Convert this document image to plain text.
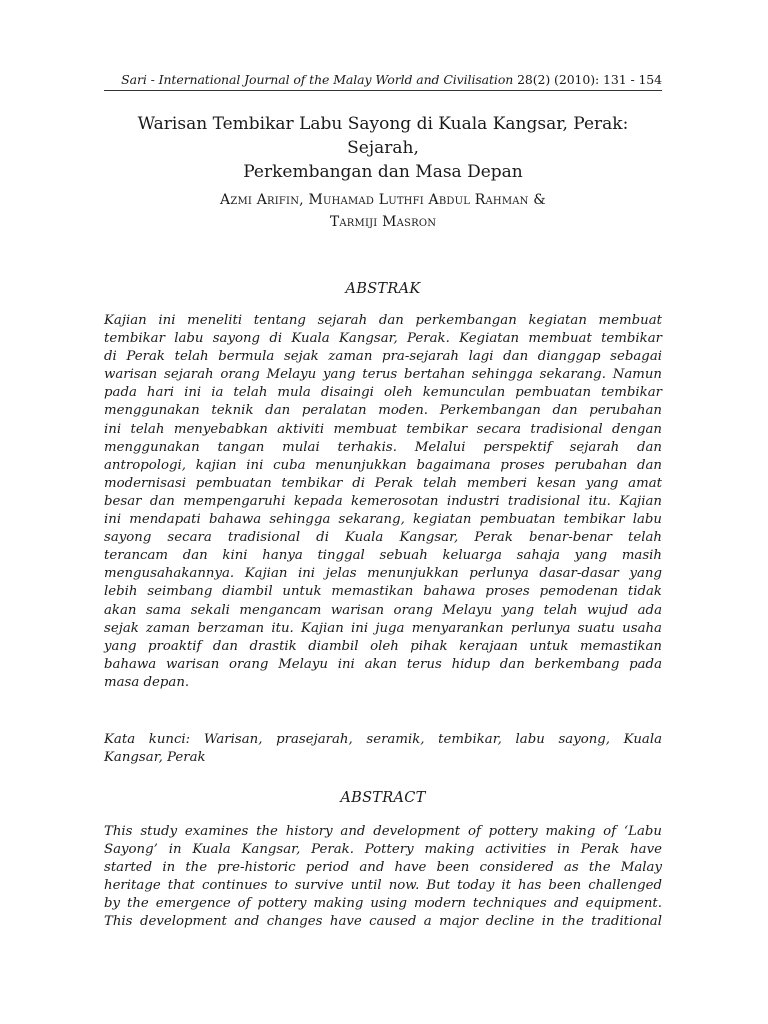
Sari - International Journal of the Malay World and Civilisation 28(2) (2010): 131 - 154
Warisan Tembikar Labu Sayong di Kuala Kangsar, Perak: Sejarah,
Perkembangan dan Masa Depan
Azmi Arifin, Muhamad Luthfi Abdul Rahman &
Tarmiji Masron
ABSTRAK

Kajian ini meneliti tentang sejarah dan perkembangan kegiatan membuat
tembikar labu sayong di Kuala Kangsar, Perak. Kegiatan membuat tembikar
di Perak telah bermula sejak zaman pra-sejarah lagi dan dianggap sebagai
warisan sejarah orang Melayu yang terus bertahan sehingga sekarang. Namun
pada hari ini ia telah mula disaingi oleh kemunculan pembuatan tembikar
menggunakan teknik dan peralatan moden. Perkembangan dan perubahan
ini telah menyebabkan aktiviti membuat tembikar secara tradisional dengan
menggunakan tangan mulai terhakis. Melalui perspektif sejarah dan
antropologi, kajian ini cuba menunjukkan bagaimana proses perubahan dan
modernisasi pembuatan tembikar di Perak telah memberi kesan yang amat
besar dan mempengaruhi kepada kemerosotan industri tradisional itu. Kajian
ini mendapati bahawa sehingga sekarang, kegiatan pembuatan tembikar labu
sayong secara tradisional di Kuala Kangsar, Perak benar-benar telah
terancam dan kini hanya tinggal sebuah keluarga sahaja yang masih
mengusahakannya. Kajian ini jelas menunjukkan perlunya dasar-dasar yang
lebih seimbang diambil untuk memastikan bahawa proses pemodenan tidak
akan sama sekali mengancam warisan orang Melayu yang telah wujud ada
sejak zaman berzaman itu. Kajian ini juga menyarankan perlunya suatu usaha
yang proaktif dan drastik diambil oleh pihak kerajaan untuk memastikan
bahawa warisan orang Melayu ini akan terus hidup dan berkembang pada
masa depan.

Kata kunci: Warisan, prasejarah, seramik, tembikar, labu sayong, Kuala
Kangsar, Perak

ABSTRACT

This study examines the history and development of pottery making of ‘Labu
Sayong’ in Kuala Kangsar, Perak. Pottery making activities in Perak have
started in the pre-historic period and have been considered as the Malay
heritage that continues to survive until now. But today it has been challenged
by the emergence of pottery making using modern techniques and equipment.
This development and changes have caused a major decline in the traditional
